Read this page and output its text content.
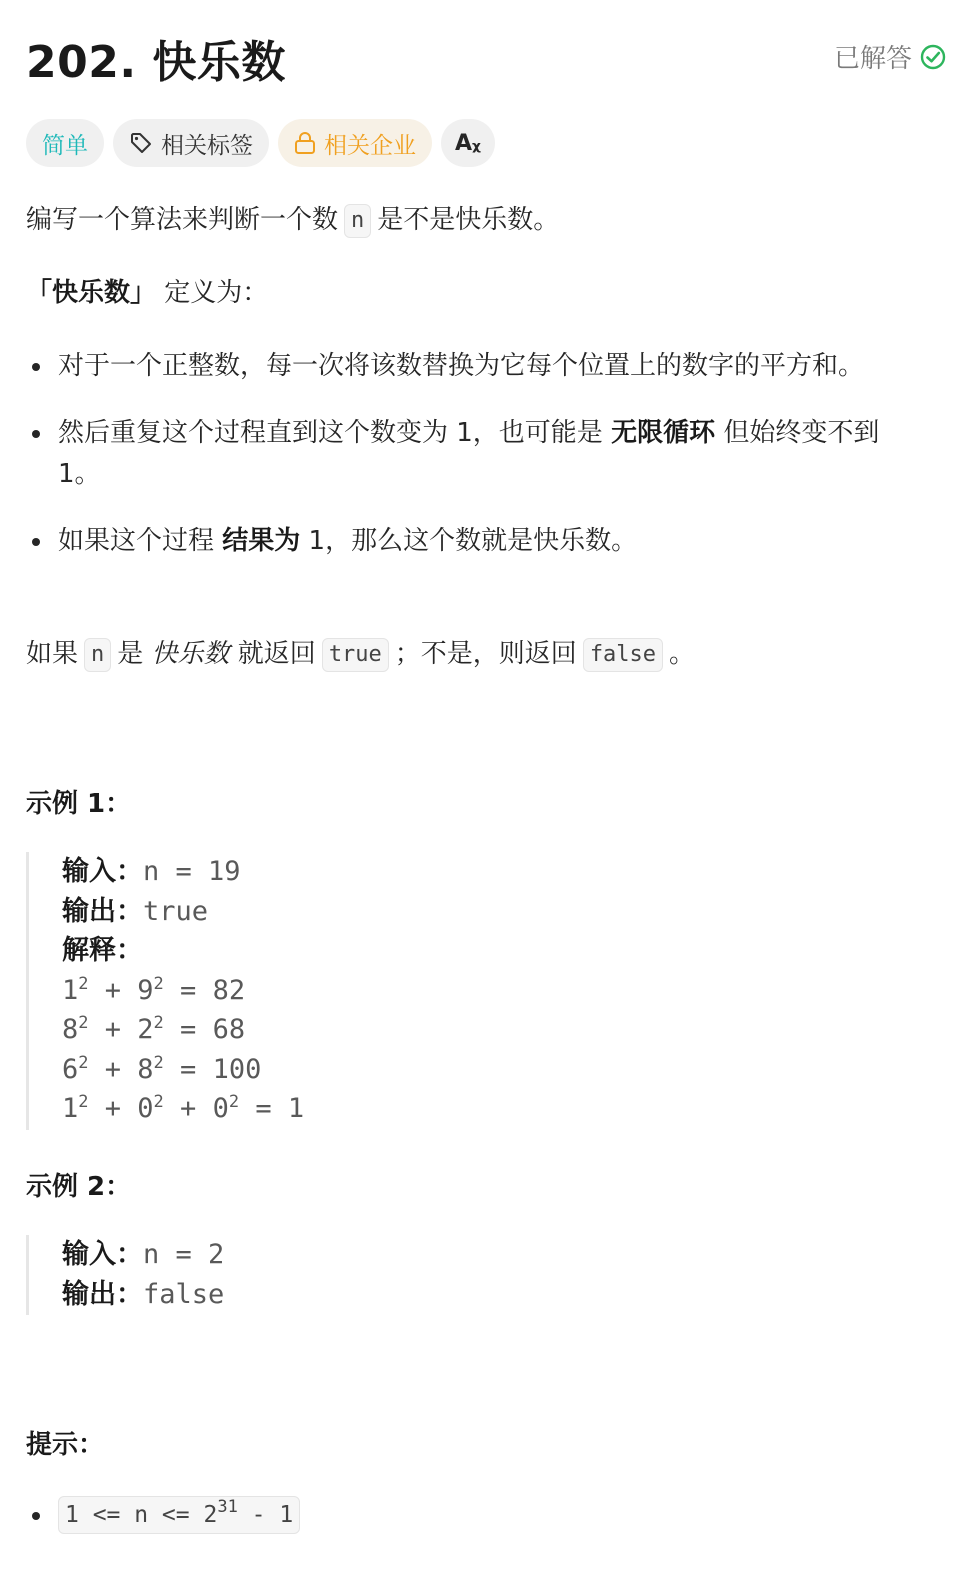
202. 快乐数	已解答
简单	相关标签	相关企业 Aᵪ
编写一个算法来判断一个数 n 是不是快乐数。
「快乐数」 定义为：
对于一个正整数，每一次将该数替换为它每个位置上的数字的平方和。
然后重复这个过程直到这个数变为 1，也可能是 无限循环 但始终变不到 1。
如果这个过程 结果为 1，那么这个数就是快乐数。
如果 n 是 快乐数 就返回 true ；不是，则返回 false 。
示例 1：
输入：n = 19
输出：true
解释：
$1^2 + 9^2 = 82$
$8^2 + 2^2 = 68$
$6^2 + 8^2 = 100$
$1^2 + 0^2 + 0^2 = 1$
示例 2：
输入：n = 2
输出：false
提示：
$1 <= n <= 2^{31} - 1$
